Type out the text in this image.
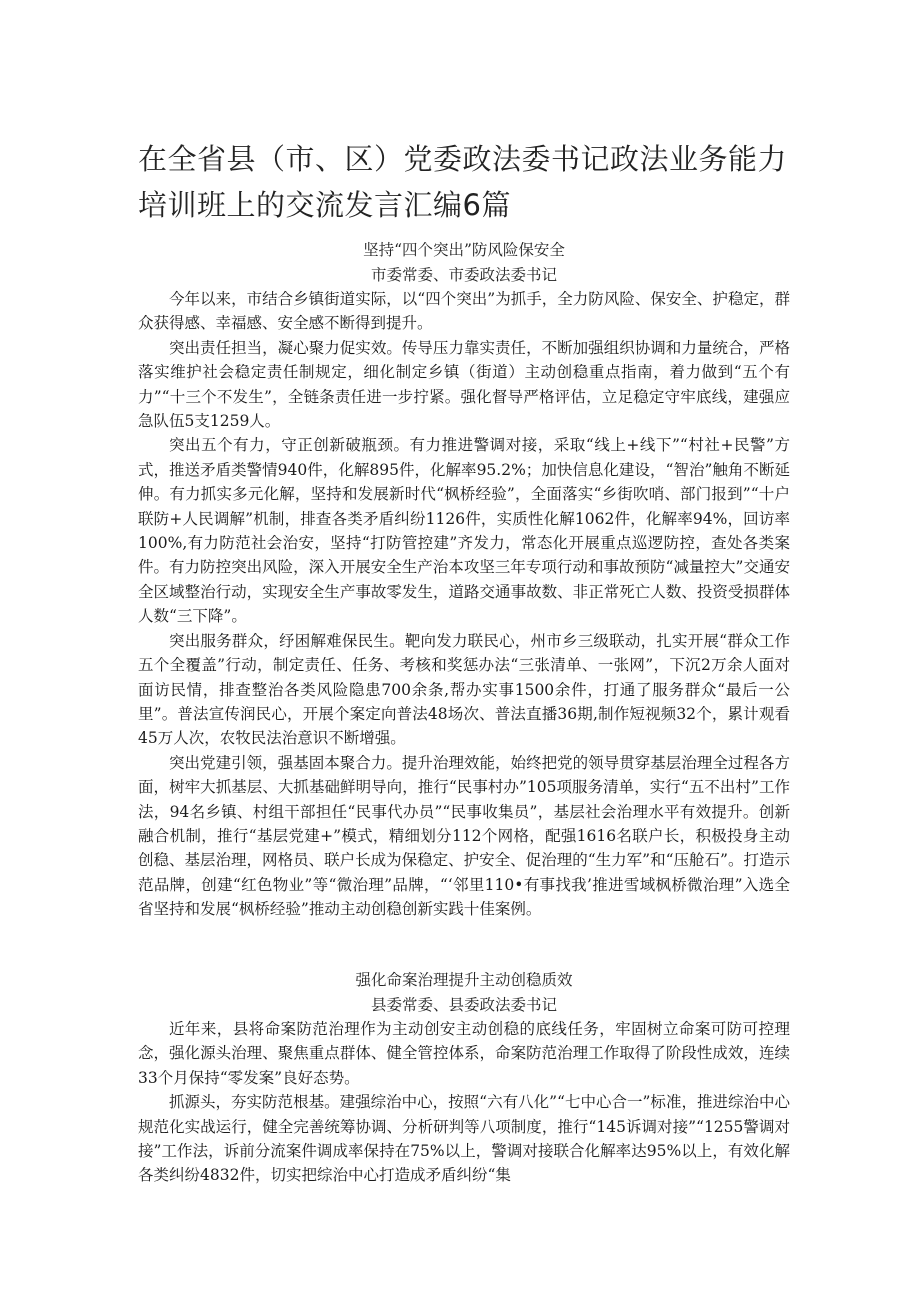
在全省县（市、区）党委政法委书记政法业务能力培训班上的交流发言汇编6篇

坚持“四个突出”防风险保安全

市委常委、市委政法委书记

今年以来，市结合乡镇街道实际，以“四个突出”为抓手，全力防风险、保安全、护稳定，群众获得感、幸福感、安全感不断得到提升。

突出责任担当，凝心聚力促实效。传导压力靠实责任，不断加强组织协调和力量统合，严格落实维护社会稳定责任制规定，细化制定乡镇（街道）主动创稳重点指南，着力做到“五个有力”“十三个不发生”，全链条责任进一步拧紧。强化督导严格评估，立足稳定守牢底线，建强应急队伍5支1259人。

突出五个有力，守正创新破瓶颈。有力推进警调对接，采取“线上+线下”“村社+民警”方式，推送矛盾类警情940件，化解895件，化解率95.2%；加快信息化建设，“智治”触角不断延伸。有力抓实多元化解，坚持和发展新时代“枫桥经验”，全面落实“乡街吹哨、部门报到”“十户联防+人民调解”机制，排查各类矛盾纠纷1126件，实质性化解1062件，化解率94%，回访率100%,有力防范社会治安，坚持“打防管控建”齐发力，常态化开展重点巡逻防控，查处各类案件。有力防控突出风险，深入开展安全生产治本攻坚三年专项行动和事故预防“减量控大”交通安全区域整治行动，实现安全生产事故零发生，道路交通事故数、非正常死亡人数、投资受损群体人数“三下降”。

突出服务群众，纾困解难保民生。靶向发力联民心，州市乡三级联动，扎实开展“群众工作五个全覆盖”行动，制定责任、任务、考核和奖惩办法“三张清单、一张网”，下沉2万余人面对面访民情，排查整治各类风险隐患700余条,帮办实事1500余件，打通了服务群众“最后一公里”。普法宣传润民心，开展个案定向普法48场次、普法直播36期,制作短视频32个，累计观看45万人次，农牧民法治意识不断增强。

突出党建引领，强基固本聚合力。提升治理效能，始终把党的领导贯穿基层治理全过程各方面，树牢大抓基层、大抓基础鲜明导向，推行“民事村办”105项服务清单，实行“五不出村”工作法，94名乡镇、村组干部担任“民事代办员”“民事收集员”，基层社会治理水平有效提升。创新融合机制，推行“基层党建+”模式，精细划分112个网格，配强1616名联户长，积极投身主动创稳、基层治理，网格员、联户长成为保稳定、护安全、促治理的“生力军”和“压舱石”。打造示范品牌，创建“红色物业”等“微治理”品牌，“‘邻里110•有事找我’推进雪域枫桥微治理”入选全省坚持和发展“枫桥经验”推动主动创稳创新实践十佳案例。

强化命案治理提升主动创稳质效

县委常委、县委政法委书记

近年来，县将命案防范治理作为主动创安主动创稳的底线任务，牢固树立命案可防可控理念，强化源头治理、聚焦重点群体、健全管控体系，命案防范治理工作取得了阶段性成效，连续33个月保持“零发案”良好态势。

抓源头，夯实防范根基。建强综治中心，按照“六有八化”“七中心合一”标准，推进综治中心规范化实战运行，健全完善统筹协调、分析研判等八项制度，推行“145诉调对接”“1255警调对接”工作法，诉前分流案件调成率保持在75%以上，警调对接联合化解率达95%以上，有效化解各类纠纷4832件，切实把综治中心打造成矛盾纠纷“集
